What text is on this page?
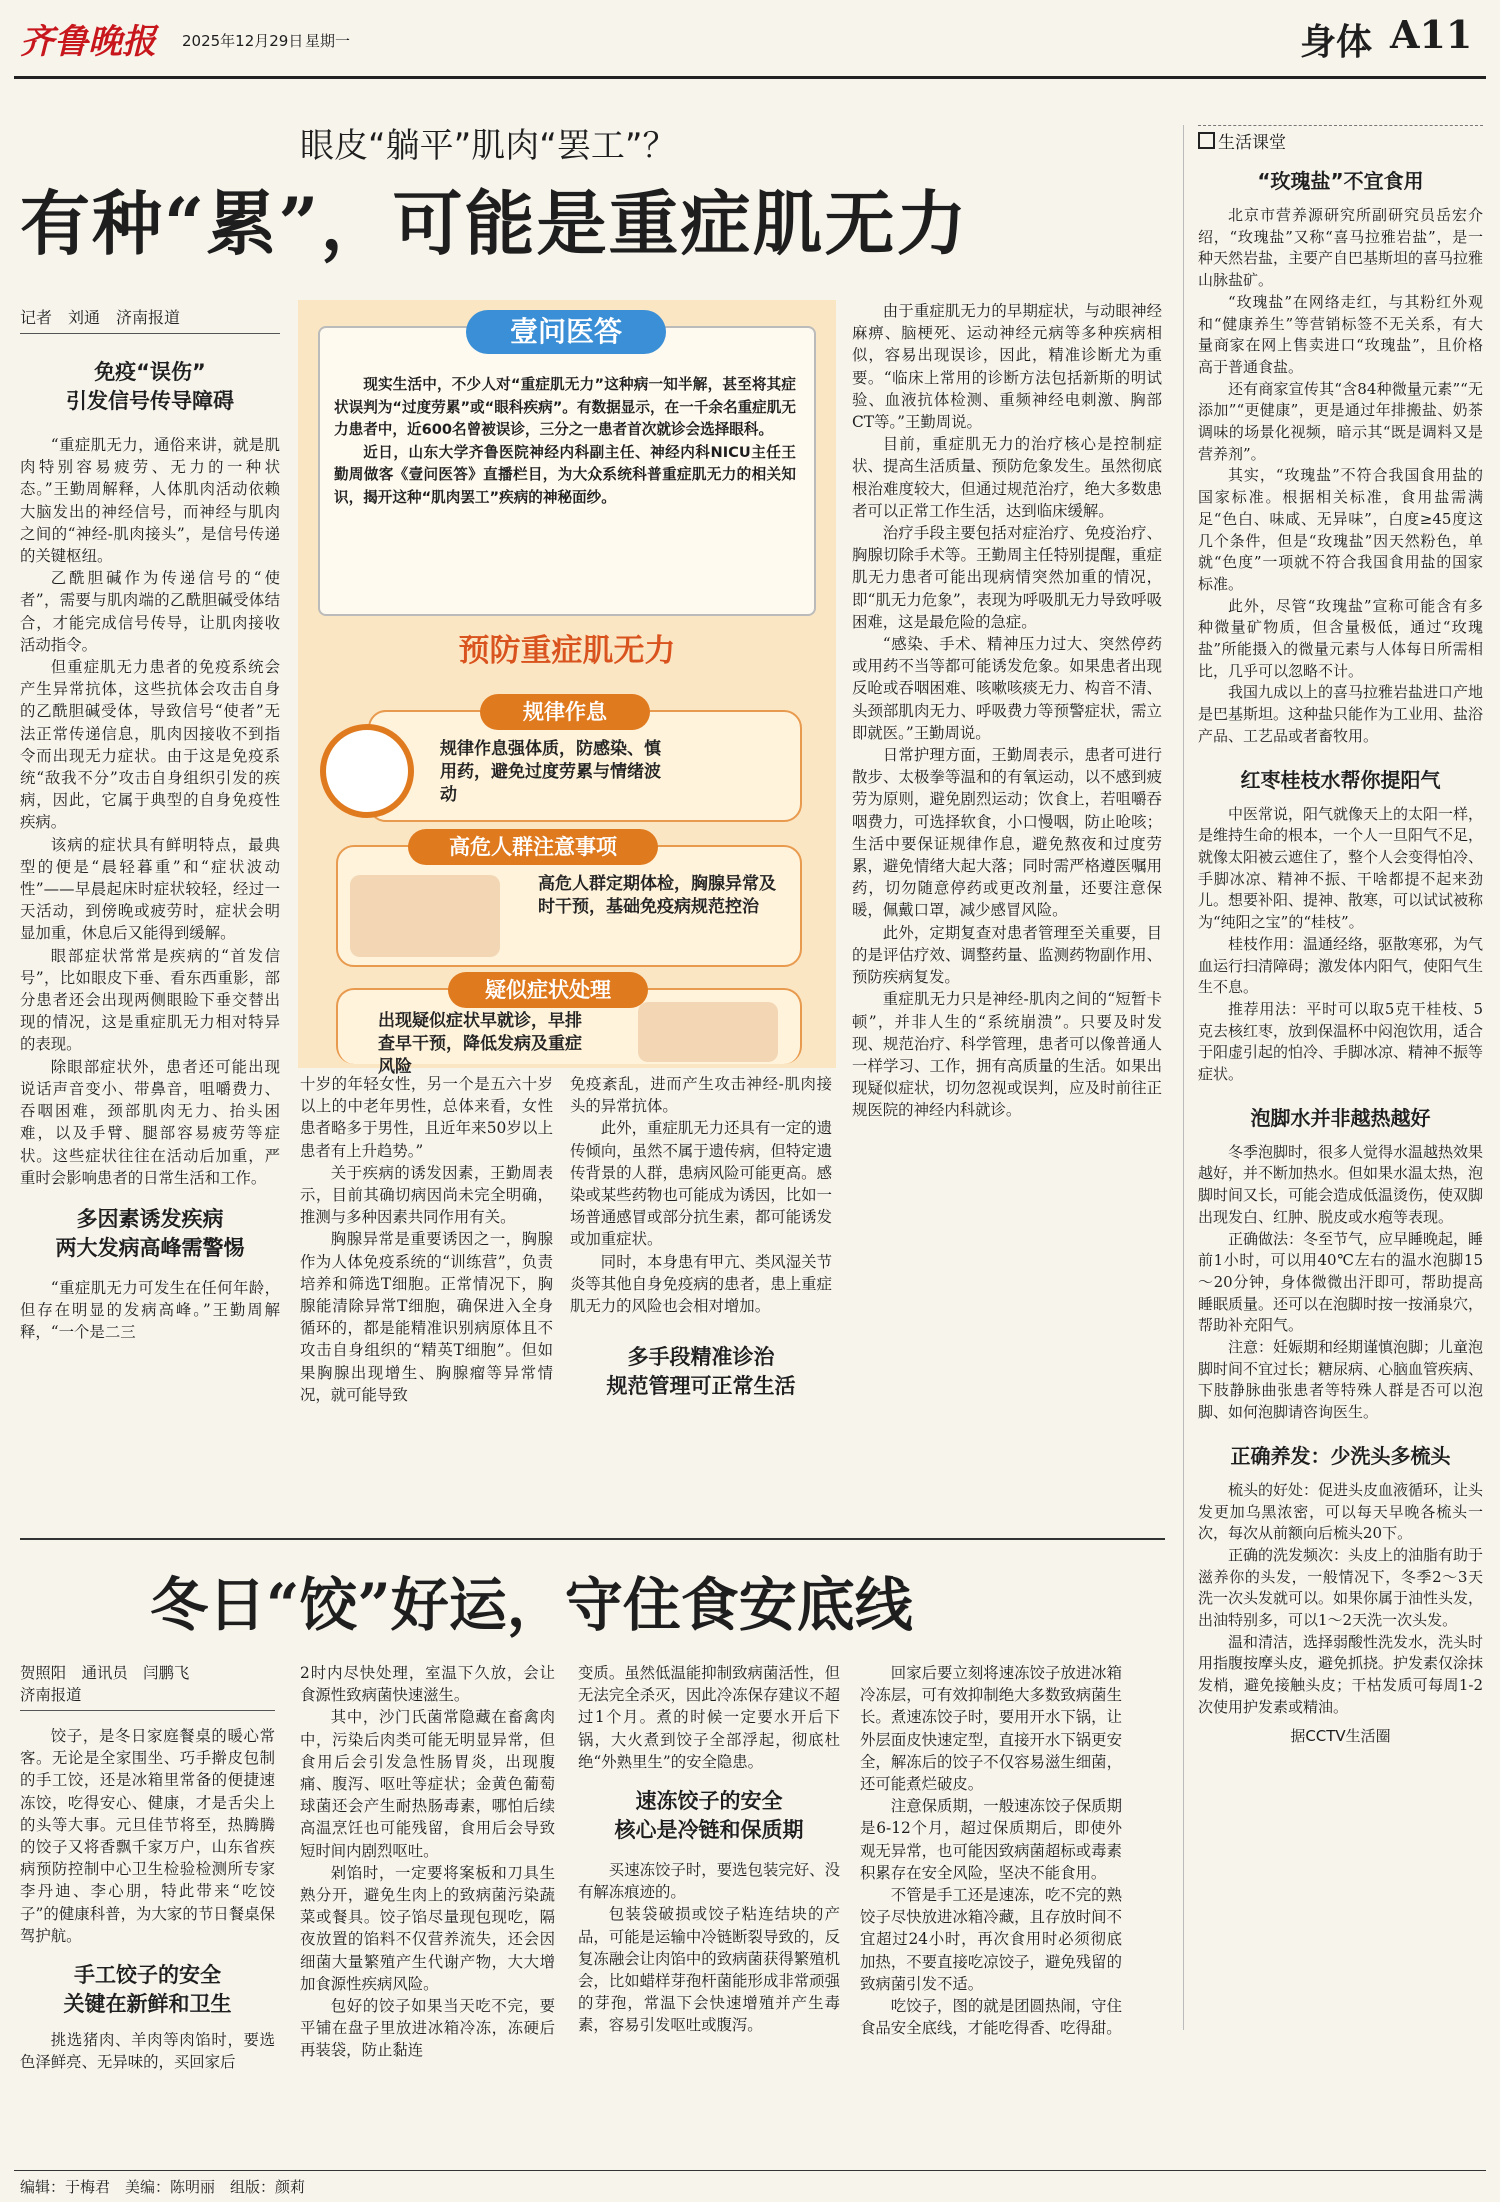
齐鲁晚报 2025年12月29日 星期一	身体 A11
眼皮“躺平”肌肉“罢工”？
有种“累”，可能是重症肌无力
记者　刘通　济南报道
免疫“误伤”
引发信号传导障碍

“重症肌无力，通俗来讲，就是肌肉特别容易疲劳、无力的一种状态。”王勤周解释，人体肌肉活动依赖大脑发出的神经信号，而神经与肌肉之间的“神经-肌肉接头”，是信号传递的关键枢纽。

乙酰胆碱作为传递信号的“使者”，需要与肌肉端的乙酰胆碱受体结合，才能完成信号传导，让肌肉接收活动指令。

但重症肌无力患者的免疫系统会产生异常抗体，这些抗体会攻击自身的乙酰胆碱受体，导致信号“使者”无法正常传递信息，肌肉因接收不到指令而出现无力症状。由于这是免疫系统“敌我不分”攻击自身组织引发的疾病，因此，它属于典型的自身免疫性疾病。

该病的症状具有鲜明特点，最典型的便是“晨轻暮重”和“症状波动性”——早晨起床时症状较轻，经过一天活动，到傍晚或疲劳时，症状会明显加重，休息后又能得到缓解。

眼部症状常常是疾病的“首发信号”，比如眼皮下垂、看东西重影，部分患者还会出现两侧眼睑下垂交替出现的情况，这是重症肌无力相对特异的表现。

除眼部症状外，患者还可能出现说话声音变小、带鼻音，咀嚼费力、吞咽困难，颈部肌肉无力、抬头困难，以及手臂、腿部容易疲劳等症状。这些症状往往在活动后加重，严重时会影响患者的日常生活和工作。

多因素诱发疾病
两大发病高峰需警惕

“重症肌无力可发生在任何年龄，但存在明显的发病高峰。”王勤周解释，“一个是二三

壹问医答

现实生活中，不少人对“重症肌无力”这种病一知半解，甚至将其症状误判为“过度劳累”或“眼科疾病”。有数据显示，在一千余名重症肌无力患者中，近600名曾被误诊，三分之一患者首次就诊会选择眼科。

近日，山东大学齐鲁医院神经内科副主任、神经内科NICU主任王勤周做客《壹问医答》直播栏目，为大众系统科普重症肌无力的相关知识，揭开这种“肌肉罢工”疾病的神秘面纱。

预防重症肌无力
规律作息
规律作息强体质，防感染、慎用药，避免过度劳累与情绪波动
高危人群注意事项
高危人群定期体检，胸腺异常及时干预，基础免疫病规范控治
疑似症状处理
出现疑似症状早就诊，早排查早干预，降低发病及重症风险

十岁的年轻女性，另一个是五六十岁以上的中老年男性，总体来看，女性患者略多于男性，且近年来50岁以上患者有上升趋势。”

关于疾病的诱发因素，王勤周表示，目前其确切病因尚未完全明确，推测与多种因素共同作用有关。

胸腺异常是重要诱因之一，胸腺作为人体免疫系统的“训练营”，负责培养和筛选T细胞。正常情况下，胸腺能清除异常T细胞，确保进入全身循环的，都是能精准识别病原体且不攻击自身组织的“精英T细胞”。但如果胸腺出现增生、胸腺瘤等异常情况，就可能导致

免疫紊乱，进而产生攻击神经-肌肉接头的异常抗体。

此外，重症肌无力还具有一定的遗传倾向，虽然不属于遗传病，但特定遗传背景的人群，患病风险可能更高。感染或某些药物也可能成为诱因，比如一场普通感冒或部分抗生素，都可能诱发或加重症状。

同时，本身患有甲亢、类风湿关节炎等其他自身免疫病的患者，患上重症肌无力的风险也会相对增加。

多手段精准诊治
规范管理可正常生活

由于重症肌无力的早期症状，与动眼神经麻痹、脑梗死、运动神经元病等多种疾病相似，容易出现误诊，因此，精准诊断尤为重要。“临床上常用的诊断方法包括新斯的明试验、血液抗体检测、重频神经电刺激、胸部CT等。”王勤周说。

目前，重症肌无力的治疗核心是控制症状、提高生活质量、预防危象发生。虽然彻底根治难度较大，但通过规范治疗，绝大多数患者可以正常工作生活，达到临床缓解。

治疗手段主要包括对症治疗、免疫治疗、胸腺切除手术等。王勤周主任特别提醒，重症肌无力患者可能出现病情突然加重的情况，即“肌无力危象”，表现为呼吸肌无力导致呼吸困难，这是最危险的急症。

“感染、手术、精神压力过大、突然停药或用药不当等都可能诱发危象。如果患者出现反呛或吞咽困难、咳嗽咳痰无力、构音不清、头颈部肌肉无力、呼吸费力等预警症状，需立即就医。”王勤周说。

日常护理方面，王勤周表示，患者可进行散步、太极拳等温和的有氧运动，以不感到疲劳为原则，避免剧烈运动；饮食上，若咀嚼吞咽费力，可选择软食，小口慢咽，防止呛咳；生活中要保证规律作息，避免熬夜和过度劳累，避免情绪大起大落；同时需严格遵医嘱用药，切勿随意停药或更改剂量，还要注意保暖，佩戴口罩，减少感冒风险。

此外，定期复查对患者管理至关重要，目的是评估疗效、调整药量、监测药物副作用、预防疾病复发。

重症肌无力只是神经-肌肉之间的“短暂卡顿”，并非人生的“系统崩溃”。只要及时发现、规范治疗、科学管理，患者可以像普通人一样学习、工作，拥有高质量的生活。如果出现疑似症状，切勿忽视或误判，应及时前往正规医院的神经内科就诊。

冬日“饺”好运，守住食安底线
贺照阳　通讯员　闫鹏飞
济南报道

饺子，是冬日家庭餐桌的暖心常客。无论是全家围坐、巧手擀皮包制的手工饺，还是冰箱里常备的便捷速冻饺，吃得安心、健康，才是舌尖上的头等大事。元旦佳节将至，热腾腾的饺子又将香飘千家万户，山东省疾病预防控制中心卫生检验检测所专家李丹迪、李心朋，特此带来“吃饺子”的健康科普，为大家的节日餐桌保驾护航。

手工饺子的安全
关键在新鲜和卫生

挑选猪肉、羊肉等肉馅时，要选色泽鲜亮、无异味的，买回家后

2时内尽快处理，室温下久放，会让食源性致病菌快速滋生。

其中，沙门氏菌常隐藏在畜禽肉中，污染后肉类可能无明显异常，但食用后会引发急性肠胃炎，出现腹痛、腹泻、呕吐等症状；金黄色葡萄球菌还会产生耐热肠毒素，哪怕后续高温烹饪也可能残留，食用后会导致短时间内剧烈呕吐。

剁馅时，一定要将案板和刀具生熟分开，避免生肉上的致病菌污染蔬菜或餐具。饺子馅尽量现包现吃，隔夜放置的馅料不仅营养流失，还会因细菌大量繁殖产生代谢产物，大大增加食源性疾病风险。

包好的饺子如果当天吃不完，要平铺在盘子里放进冰箱冷冻，冻硬后再装袋，防止黏连

变质。虽然低温能抑制致病菌活性，但无法完全杀灭，因此冷冻保存建议不超过1个月。煮的时候一定要水开后下锅，大火煮到饺子全部浮起，彻底杜绝“外熟里生”的安全隐患。

速冻饺子的安全
核心是冷链和保质期

买速冻饺子时，要选包装完好、没有解冻痕迹的。

包装袋破损或饺子粘连结块的产品，可能是运输中冷链断裂导致的，反复冻融会让肉馅中的致病菌获得繁殖机会，比如蜡样芽孢杆菌能形成非常顽强的芽孢，常温下会快速增殖并产生毒素，容易引发呕吐或腹泻。

回家后要立刻将速冻饺子放进冰箱冷冻层，可有效抑制绝大多数致病菌生长。煮速冻饺子时，要用开水下锅，让外层面皮快速定型，直接开水下锅更安全，解冻后的饺子不仅容易滋生细菌，还可能煮烂破皮。

注意保质期，一般速冻饺子保质期是6-12个月，超过保质期后，即使外观无异常，也可能因致病菌超标或毒素积累存在安全风险，坚决不能食用。

不管是手工还是速冻，吃不完的熟饺子尽快放进冰箱冷藏，且存放时间不宜超过24小时，再次食用时必须彻底加热，不要直接吃凉饺子，避免残留的致病菌引发不适。

吃饺子，图的就是团圆热闹，守住食品安全底线，才能吃得香、吃得甜。

生活课堂
“玫瑰盐”不宜食用

北京市营养源研究所副研究员岳宏介绍，“玫瑰盐”又称“喜马拉雅岩盐”，是一种天然岩盐，主要产自巴基斯坦的喜马拉雅山脉盐矿。

“玫瑰盐”在网络走红，与其粉红外观和“健康养生”等营销标签不无关系，有大量商家在网上售卖进口“玫瑰盐”，且价格高于普通食盐。

还有商家宣传其“含84种微量元素”“无添加”“更健康”，更是通过年排搬盐、奶茶调味的场景化视频，暗示其“既是调料又是营养剂”。

其实，“玫瑰盐”不符合我国食用盐的国家标准。根据相关标准，食用盐需满足“色白、味咸、无异味”，白度≥45度这几个条件，但是“玫瑰盐”因天然粉色，单就“色度”一项就不符合我国食用盐的国家标准。

此外，尽管“玫瑰盐”宣称可能含有多种微量矿物质，但含量极低，通过“玫瑰盐”所能摄入的微量元素与人体每日所需相比，几乎可以忽略不计。

我国九成以上的喜马拉雅岩盐进口产地是巴基斯坦。这种盐只能作为工业用、盐浴产品、工艺品或者畜牧用。

红枣桂枝水帮你提阳气

中医常说，阳气就像天上的太阳一样，是维持生命的根本，一个人一旦阳气不足，就像太阳被云遮住了，整个人会变得怕冷、手脚冰凉、精神不振、干啥都提不起来劲儿。想要补阳、提神、散寒，可以试试被称为“纯阳之宝”的“桂枝”。

桂枝作用：温通经络，驱散寒邪，为气血运行扫清障碍；激发体内阳气，使阳气生生不息。

推荐用法：平时可以取5克干桂枝、5克去核红枣，放到保温杯中闷泡饮用，适合于阳虚引起的怕冷、手脚冰凉、精神不振等症状。

泡脚水并非越热越好

冬季泡脚时，很多人觉得水温越热效果越好，并不断加热水。但如果水温太热，泡脚时间又长，可能会造成低温烫伤，使双脚出现发白、红肿、脱皮或水疱等表现。

正确做法：冬至节气，应早睡晚起，睡前1小时，可以用40℃左右的温水泡脚15～20分钟，身体微微出汗即可，帮助提高睡眠质量。还可以在泡脚时按一按涌泉穴，帮助补充阳气。

注意：妊娠期和经期谨慎泡脚；儿童泡脚时间不宜过长；糖尿病、心脑血管疾病、下肢静脉曲张患者等特殊人群是否可以泡脚、如何泡脚请咨询医生。

正确养发：少洗头多梳头

梳头的好处：促进头皮血液循环，让头发更加乌黑浓密，可以每天早晚各梳头一次，每次从前额向后梳头20下。

正确的洗发频次：头皮上的油脂有助于滋养你的头发，一般情况下，冬季2～3天洗一次头发就可以。如果你属于油性头发，出油特别多，可以1～2天洗一次头发。

温和清洁，选择弱酸性洗发水，洗头时用指腹按摩头皮，避免抓挠。护发素仅涂抹发梢，避免接触头皮；干枯发质可每周1-2次使用护发素或精油。

据CCTV生活圈
编辑：于梅君　美编：陈明丽　组版：颜莉
